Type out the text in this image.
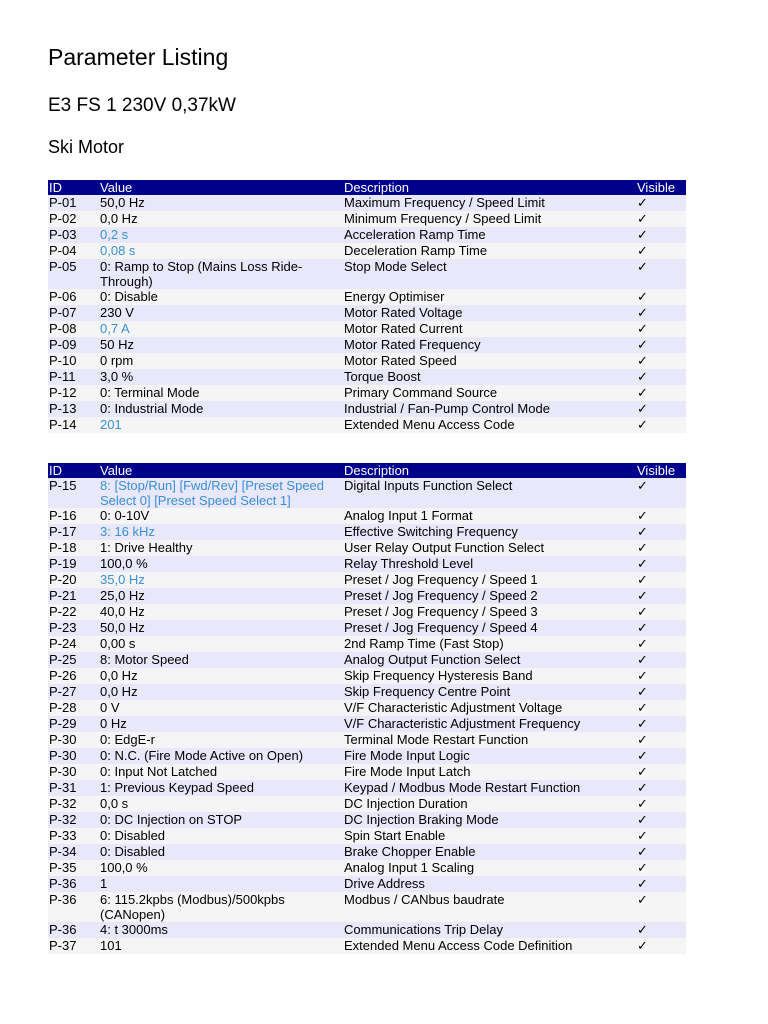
Parameter Listing
E3 FS 1 230V 0,37kW
Ski Motor
ID	Value	Description	Visible
P-01	50,0 Hz	Maximum Frequency / Speed Limit	✓
P-02	0,0 Hz	Minimum Frequency / Speed Limit	✓
P-03	0,2 s	Acceleration Ramp Time	✓
P-04	0,08 s	Deceleration Ramp Time	✓
P-05	0: Ramp to Stop (Mains Loss Ride-Through)	Stop Mode Select	✓
P-06	0: Disable	Energy Optimiser	✓
P-07	230 V	Motor Rated Voltage	✓
P-08	0,7 A	Motor Rated Current	✓
P-09	50 Hz	Motor Rated Frequency	✓
P-10	0 rpm	Motor Rated Speed	✓
P-11	3,0 %	Torque Boost	✓
P-12	0: Terminal Mode	Primary Command Source	✓
P-13	0: Industrial Mode	Industrial / Fan-Pump Control Mode	✓
P-14	201	Extended Menu Access Code	✓
ID	Value	Description	Visible
P-15	8: [Stop/Run] [Fwd/Rev] [Preset Speed Select 0] [Preset Speed Select 1]	Digital Inputs Function Select	✓
P-16	0: 0-10V	Analog Input 1 Format	✓
P-17	3: 16 kHz	Effective Switching Frequency	✓
P-18	1: Drive Healthy	User Relay Output Function Select	✓
P-19	100,0 %	Relay Threshold Level	✓
P-20	35,0 Hz	Preset / Jog Frequency / Speed 1	✓
P-21	25,0 Hz	Preset / Jog Frequency / Speed 2	✓
P-22	40,0 Hz	Preset / Jog Frequency / Speed 3	✓
P-23	50,0 Hz	Preset / Jog Frequency / Speed 4	✓
P-24	0,00 s	2nd Ramp Time (Fast Stop)	✓
P-25	8: Motor Speed	Analog Output Function Select	✓
P-26	0,0 Hz	Skip Frequency Hysteresis Band	✓
P-27	0,0 Hz	Skip Frequency Centre Point	✓
P-28	0 V	V/F Characteristic Adjustment Voltage	✓
P-29	0 Hz	V/F Characteristic Adjustment Frequency	✓
P-30	0: EdgE-r	Terminal Mode Restart Function	✓
P-30	0: N.C. (Fire Mode Active on Open)	Fire Mode Input Logic	✓
P-30	0: Input Not Latched	Fire Mode Input Latch	✓
P-31	1: Previous Keypad Speed	Keypad / Modbus Mode Restart Function	✓
P-32	0,0 s	DC Injection Duration	✓
P-32	0: DC Injection on STOP	DC Injection Braking Mode	✓
P-33	0: Disabled	Spin Start Enable	✓
P-34	0: Disabled	Brake Chopper Enable	✓
P-35	100,0 %	Analog Input 1 Scaling	✓
P-36	1	Drive Address	✓
P-36	6: 115.2kpbs (Modbus)/500kpbs (CANopen)	Modbus / CANbus baudrate	✓
P-36	4: t 3000ms	Communications Trip Delay	✓
P-37	101	Extended Menu Access Code Definition	✓
